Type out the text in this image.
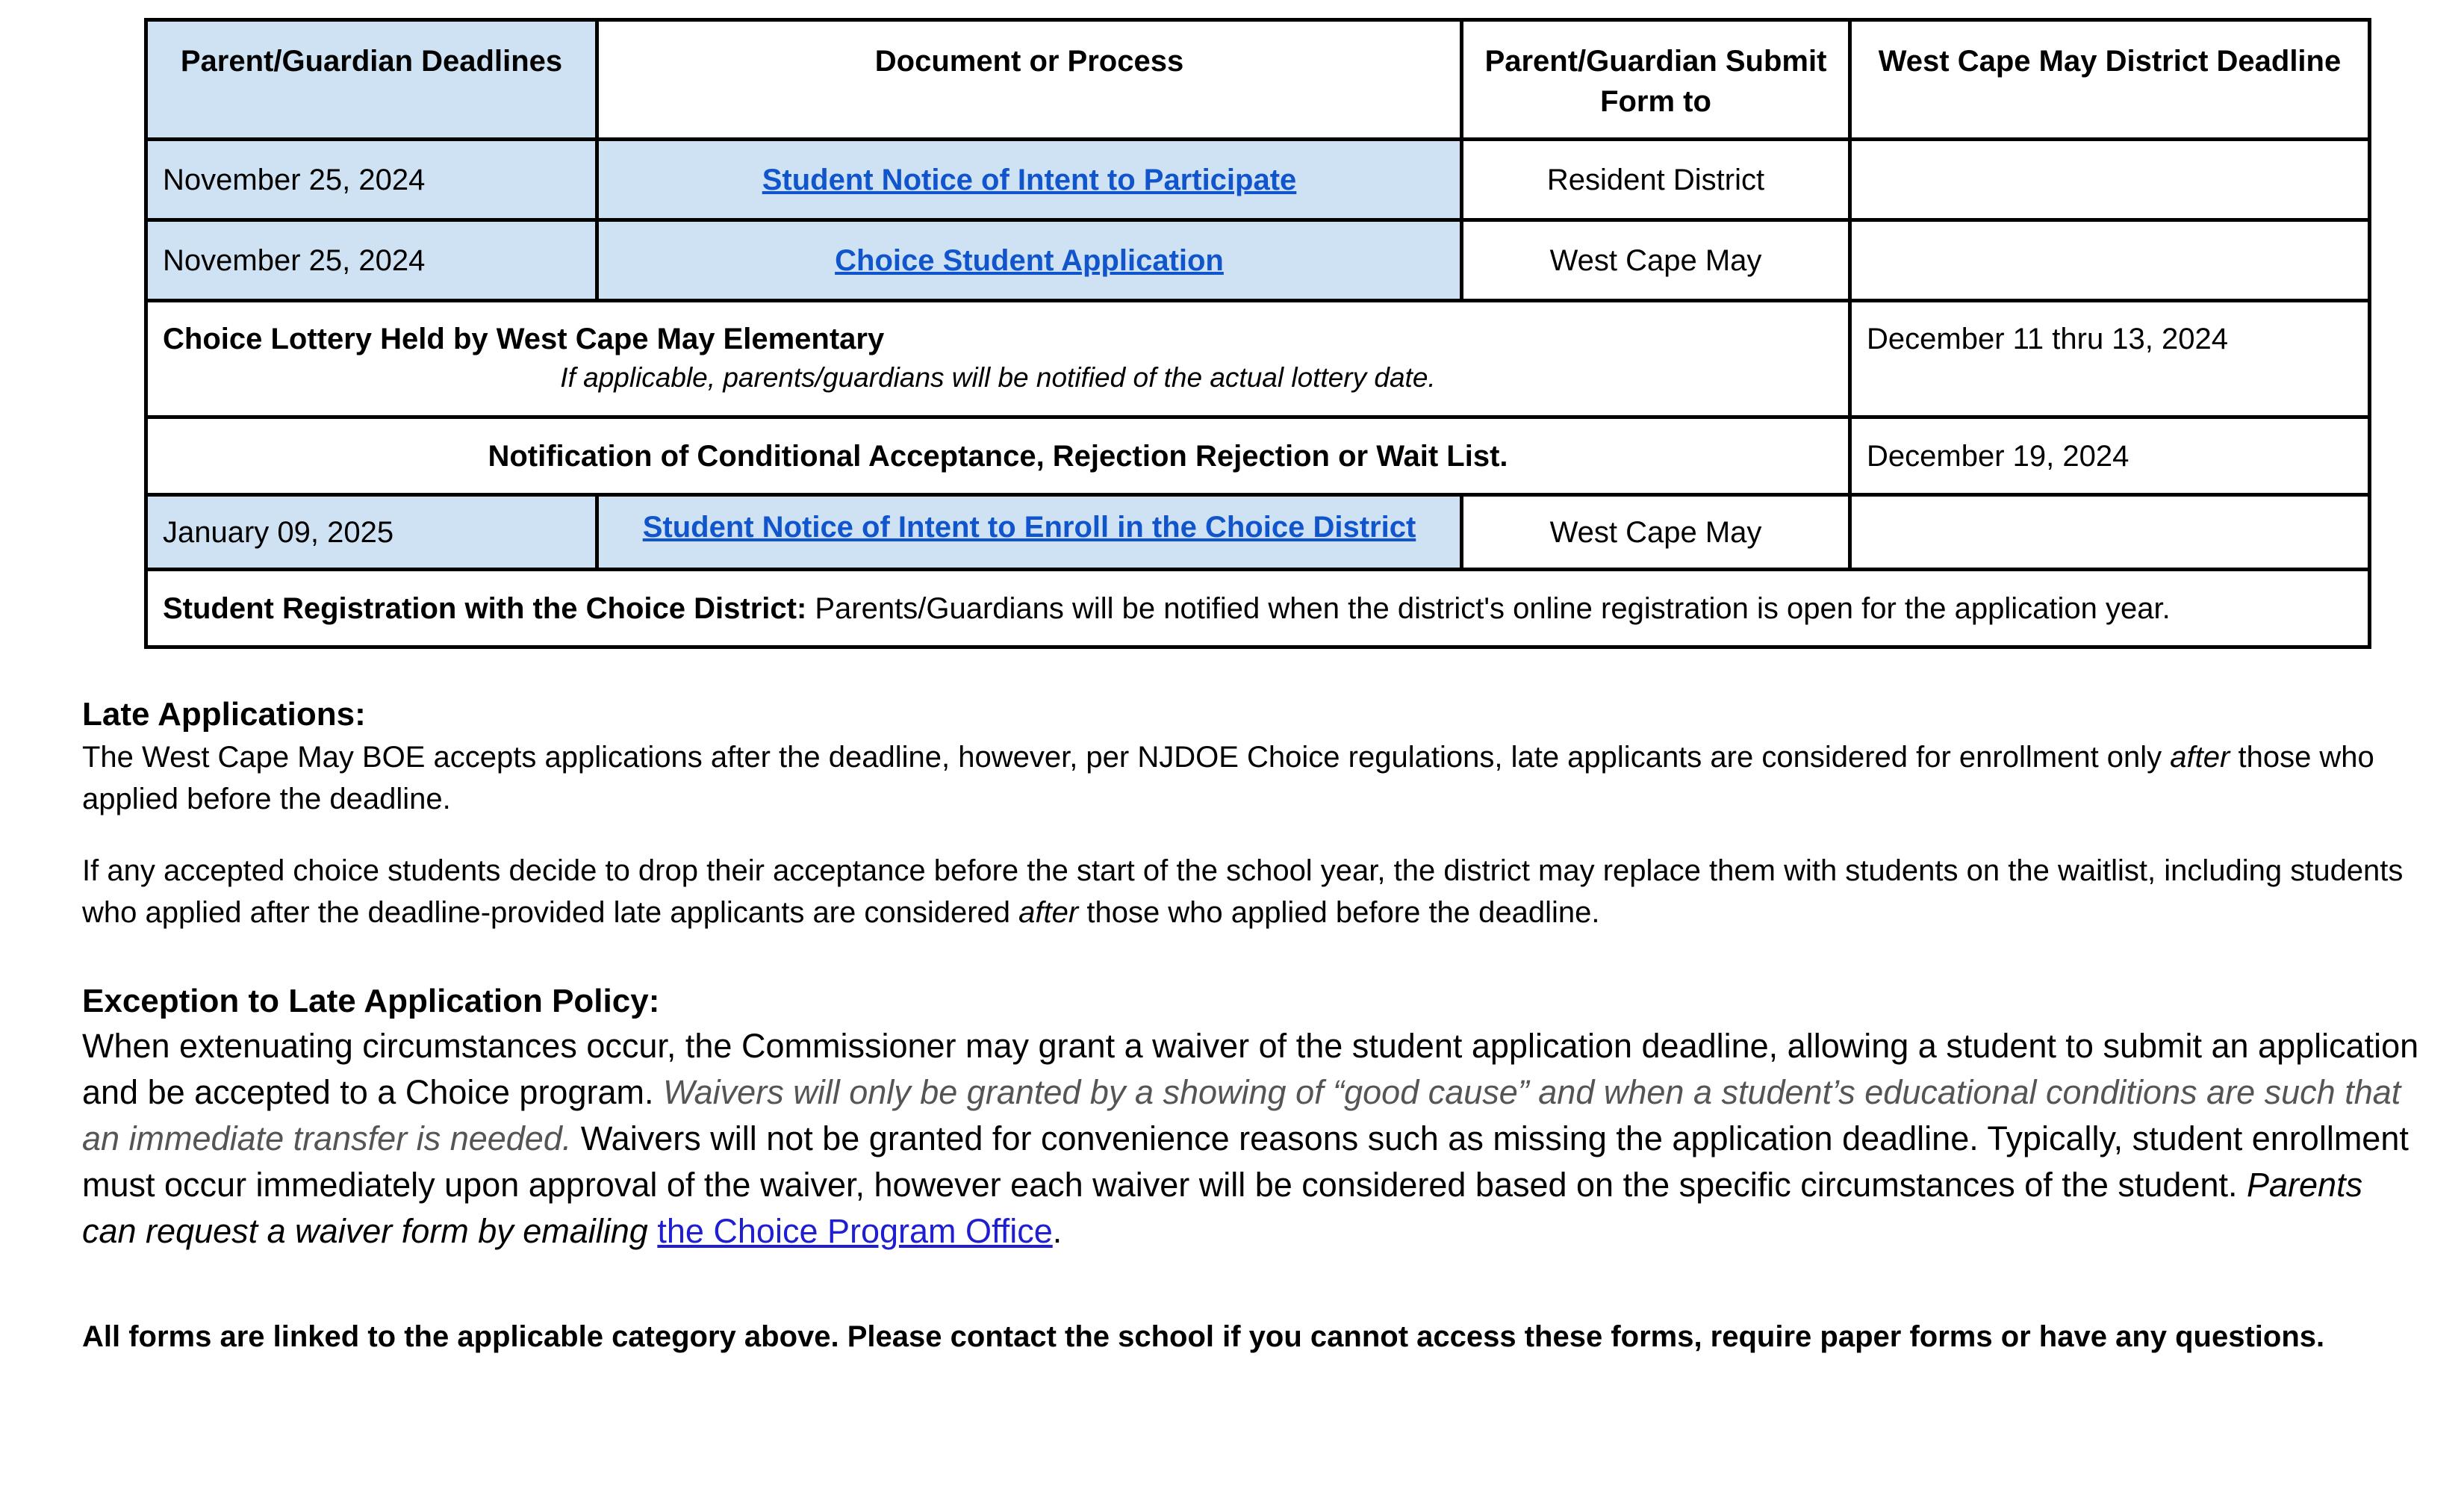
Parent/Guardian Deadlines	Document or Process	Parent/Guardian Submit Form to	West Cape May District Deadline
November 25, 2024	Student Notice of Intent to Participate	Resident District	
November 25, 2024	Choice Student Application	West Cape May	
Choice Lottery Held by West Cape May Elementary
If applicable, parents/guardians will be notified of the actual lottery date.			December 11 thru 13, 2024
Notification of Conditional Acceptance, Rejection Rejection or Wait List.			December 19, 2024
January 09, 2025	Student Notice of Intent to Enroll in the Choice District	West Cape May	
Student Registration with the Choice District: Parents/Guardians will be notified when the district's online registration is open for the application year.			
Late Applications:
The West Cape May BOE accepts applications after the deadline, however, per NJDOE Choice regulations, late applicants are considered for enrollment only after those who applied before the deadline.
If any accepted choice students decide to drop their acceptance before the start of the school year, the district may replace them with students on the waitlist, including students who applied after the deadline-provided late applicants are considered after those who applied before the deadline.
Exception to Late Application Policy:
When extenuating circumstances occur, the Commissioner may grant a waiver of the student application deadline, allowing a student to submit an application and be accepted to a Choice program. Waivers will only be granted by a showing of “good cause” and when a student’s educational conditions are such that an immediate transfer is needed. Waivers will not be granted for convenience reasons such as missing the application deadline. Typically, student enrollment must occur immediately upon approval of the waiver, however each waiver will be considered based on the specific circumstances of the student. Parents can request a waiver form by emailing the Choice Program Office.
All forms are linked to the applicable category above. Please contact the school if you cannot access these forms, require paper forms or have any questions.
